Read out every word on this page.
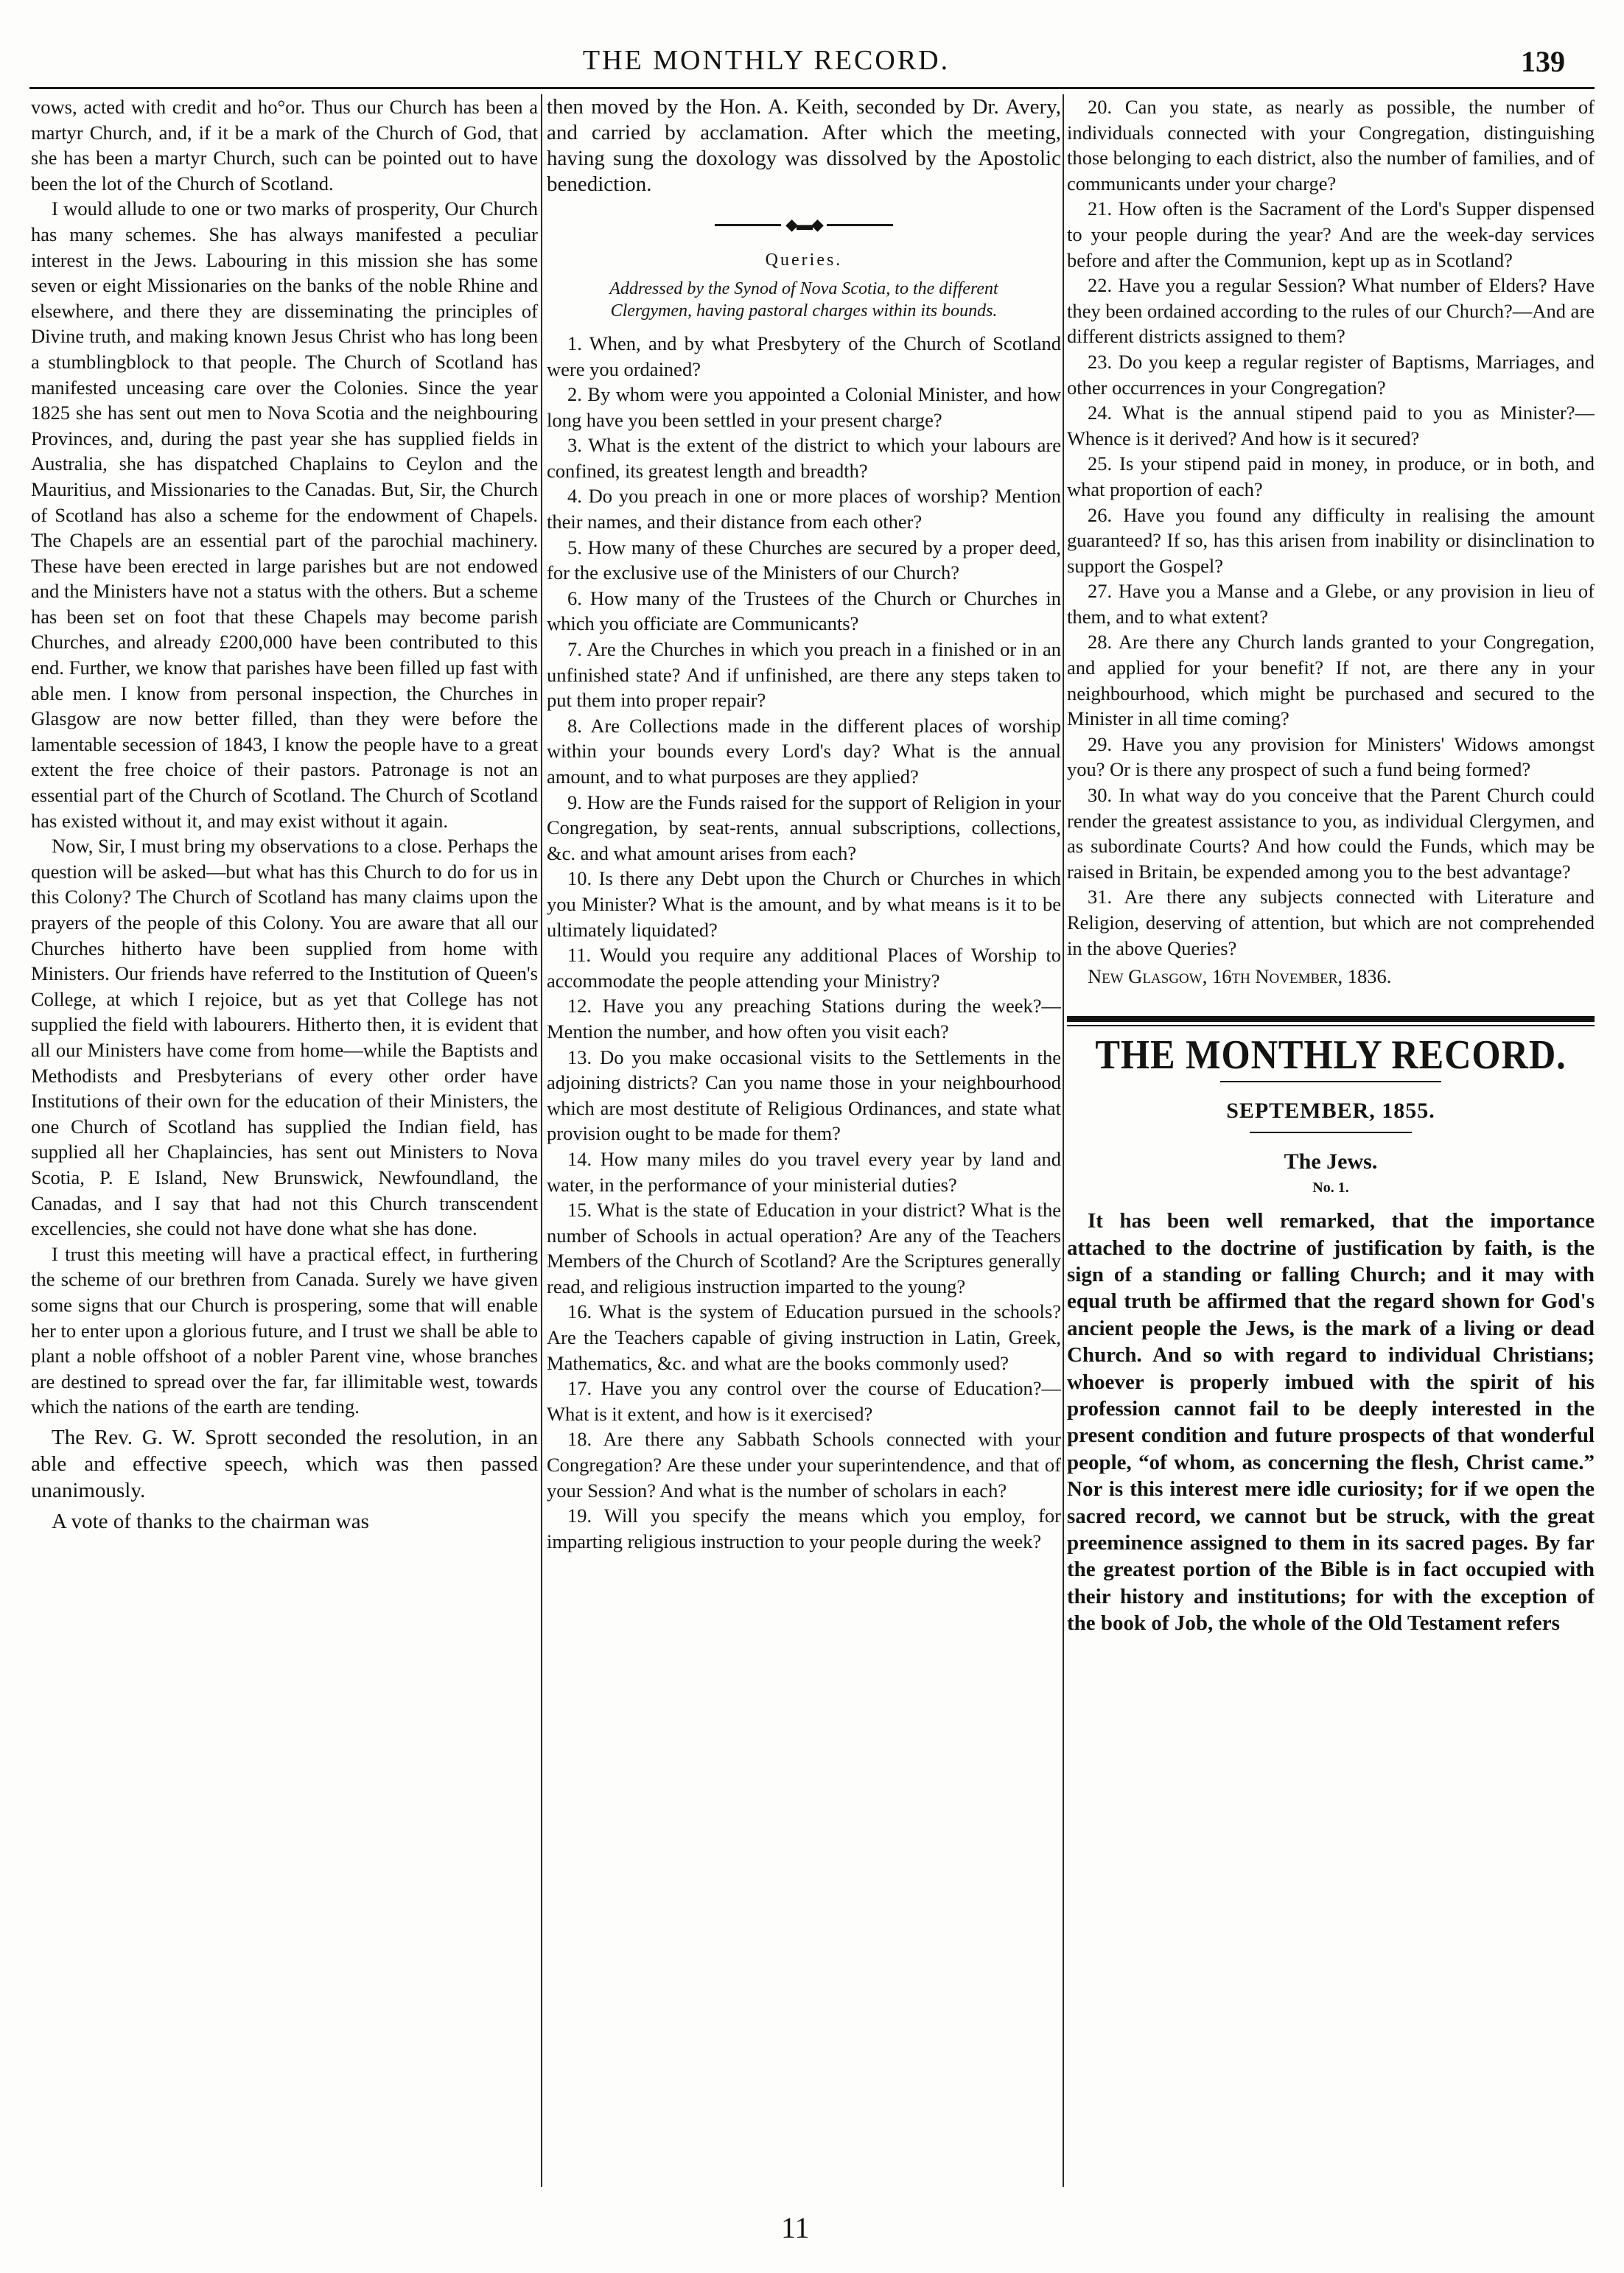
THE MONTHLY RECORD.	139

vows, acted with credit and ho°or. Thus our Church has been a martyr Church, and, if it be a mark of the Church of God, that she has been a martyr Church, such can be pointed out to have been the lot of the Church of Scotland.

I would allude to one or two marks of prosperity, Our Church has many schemes. She has always manifested a peculiar interest in the Jews. Labouring in this mission she has some seven or eight Missionaries on the banks of the noble Rhine and elsewhere, and there they are disseminating the principles of Divine truth, and making known Jesus Christ who has long been a stumblingblock to that people. The Church of Scotland has manifested unceasing care over the Colonies. Since the year 1825 she has sent out men to Nova Scotia and the neighbouring Provinces, and, during the past year she has supplied fields in Australia, she has dispatched Chaplains to Ceylon and the Mauritius, and Missionaries to the Canadas. But, Sir, the Church of Scotland has also a scheme for the endowment of Chapels. The Chapels are an essential part of the parochial machinery. These have been erected in large parishes but are not endowed and the Ministers have not a status with the others. But a scheme has been set on foot that these Chapels may become parish Churches, and already £200,000 have been contributed to this end. Further, we know that parishes have been filled up fast with able men. I know from personal inspection, the Churches in Glasgow are now better filled, than they were before the lamentable secession of 1843, I know the people have to a great extent the free choice of their pastors. Patronage is not an essential part of the Church of Scotland. The Church of Scotland has existed without it, and may exist without it again.

Now, Sir, I must bring my observations to a close. Perhaps the question will be asked—but what has this Church to do for us in this Colony? The Church of Scotland has many claims upon the prayers of the people of this Colony. You are aware that all our Churches hitherto have been supplied from home with Ministers. Our friends have referred to the Institution of Queen's College, at which I rejoice, but as yet that College has not supplied the field with labourers. Hitherto then, it is evident that all our Ministers have come from home—while the Baptists and Methodists and Presbyterians of every other order have Institutions of their own for the education of their Ministers, the one Church of Scotland has supplied the Indian field, has supplied all her Chaplaincies, has sent out Ministers to Nova Scotia, P. E Island, New Brunswick, Newfoundland, the Canadas, and I say that had not this Church transcendent excellencies, she could not have done what she has done.

I trust this meeting will have a practical effect, in furthering the scheme of our brethren from Canada. Surely we have given some signs that our Church is prospering, some that will enable her to enter upon a glorious future, and I trust we shall be able to plant a noble offshoot of a nobler Parent vine, whose branches are destined to spread over the far, far illimitable west, towards which the nations of the earth are tending.

The Rev. G. W. Sprott seconded the resolution, in an able and effective speech, which was then passed unanimously.

A vote of thanks to the chairman was

then moved by the Hon. A. Keith, seconded by Dr. Avery, and carried by acclamation. After which the meeting, having sung the doxology was dissolved by the Apostolic benediction.

◆▬◆
Queries.
Addressed by the Synod of Nova Scotia, to the different Clergymen, having pastoral charges within its bounds.

1. When, and by what Presbytery of the Church of Scotland were you ordained?

2. By whom were you appointed a Colonial Minister, and how long have you been settled in your present charge?

3. What is the extent of the district to which your labours are confined, its greatest length and breadth?

4. Do you preach in one or more places of worship? Mention their names, and their distance from each other?

5. How many of these Churches are secured by a proper deed, for the exclusive use of the Ministers of our Church?

6. How many of the Trustees of the Church or Churches in which you officiate are Communicants?

7. Are the Churches in which you preach in a finished or in an unfinished state? And if unfinished, are there any steps taken to put them into proper repair?

8. Are Collections made in the different places of worship within your bounds every Lord's day? What is the annual amount, and to what purposes are they applied?

9. How are the Funds raised for the support of Religion in your Congregation, by seat-rents, annual subscriptions, collections, &c. and what amount arises from each?

10. Is there any Debt upon the Church or Churches in which you Minister? What is the amount, and by what means is it to be ultimately liquidated?

11. Would you require any additional Places of Worship to accommodate the people attending your Ministry?

12. Have you any preaching Stations during the week?—Mention the number, and how often you visit each?

13. Do you make occasional visits to the Settlements in the adjoining districts? Can you name those in your neighbourhood which are most destitute of Religious Ordinances, and state what provision ought to be made for them?

14. How many miles do you travel every year by land and water, in the performance of your ministerial duties?

15. What is the state of Education in your district? What is the number of Schools in actual operation? Are any of the Teachers Members of the Church of Scotland? Are the Scriptures generally read, and religious instruction imparted to the young?

16. What is the system of Education pursued in the schools? Are the Teachers capable of giving instruction in Latin, Greek, Mathematics, &c. and what are the books commonly used?

17. Have you any control over the course of Education?—What is it extent, and how is it exercised?

18. Are there any Sabbath Schools connected with your Congregation? Are these under your superintendence, and that of your Session? And what is the number of scholars in each?

19. Will you specify the means which you employ, for imparting religious instruction to your people during the week?

20. Can you state, as nearly as possible, the number of individuals connected with your Congregation, distinguishing those belonging to each district, also the number of families, and of communicants under your charge?

21. How often is the Sacrament of the Lord's Supper dispensed to your people during the year? And are the week-day services before and after the Communion, kept up as in Scotland?

22. Have you a regular Session? What number of Elders? Have they been ordained according to the rules of our Church?—And are different districts assigned to them?

23. Do you keep a regular register of Baptisms, Marriages, and other occurrences in your Congregation?

24. What is the annual stipend paid to you as Minister?—Whence is it derived? And how is it secured?

25. Is your stipend paid in money, in produce, or in both, and what proportion of each?

26. Have you found any difficulty in realising the amount guaranteed? If so, has this arisen from inability or disinclination to support the Gospel?

27. Have you a Manse and a Glebe, or any provision in lieu of them, and to what extent?

28. Are there any Church lands granted to your Congregation, and applied for your benefit? If not, are there any in your neighbourhood, which might be purchased and secured to the Minister in all time coming?

29. Have you any provision for Ministers' Widows amongst you? Or is there any prospect of such a fund being formed?

30. In what way do you conceive that the Parent Church could render the greatest assistance to you, as individual Clergymen, and as subordinate Courts? And how could the Funds, which may be raised in Britain, be expended among you to the best advantage?

31. Are there any subjects connected with Literature and Religion, deserving of attention, but which are not comprehended in the above Queries?

New Glasgow, 16th November, 1836.

THE MONTHLY RECORD.
SEPTEMBER, 1855.
The Jews.
No. 1.

It has been well remarked, that the importance attached to the doctrine of justification by faith, is the sign of a standing or falling Church; and it may with equal truth be affirmed that the regard shown for God's ancient people the Jews, is the mark of a living or dead Church. And so with regard to individual Christians; whoever is properly imbued with the spirit of his profession cannot fail to be deeply interested in the present condition and future prospects of that wonderful people, “of whom, as concerning the flesh, Christ came.” Nor is this interest mere idle curiosity; for if we open the sacred record, we cannot but be struck, with the great preeminence assigned to them in its sacred pages. By far the greatest portion of the Bible is in fact occupied with their history and institutions; for with the exception of the book of Job, the whole of the Old Testament refers

11
